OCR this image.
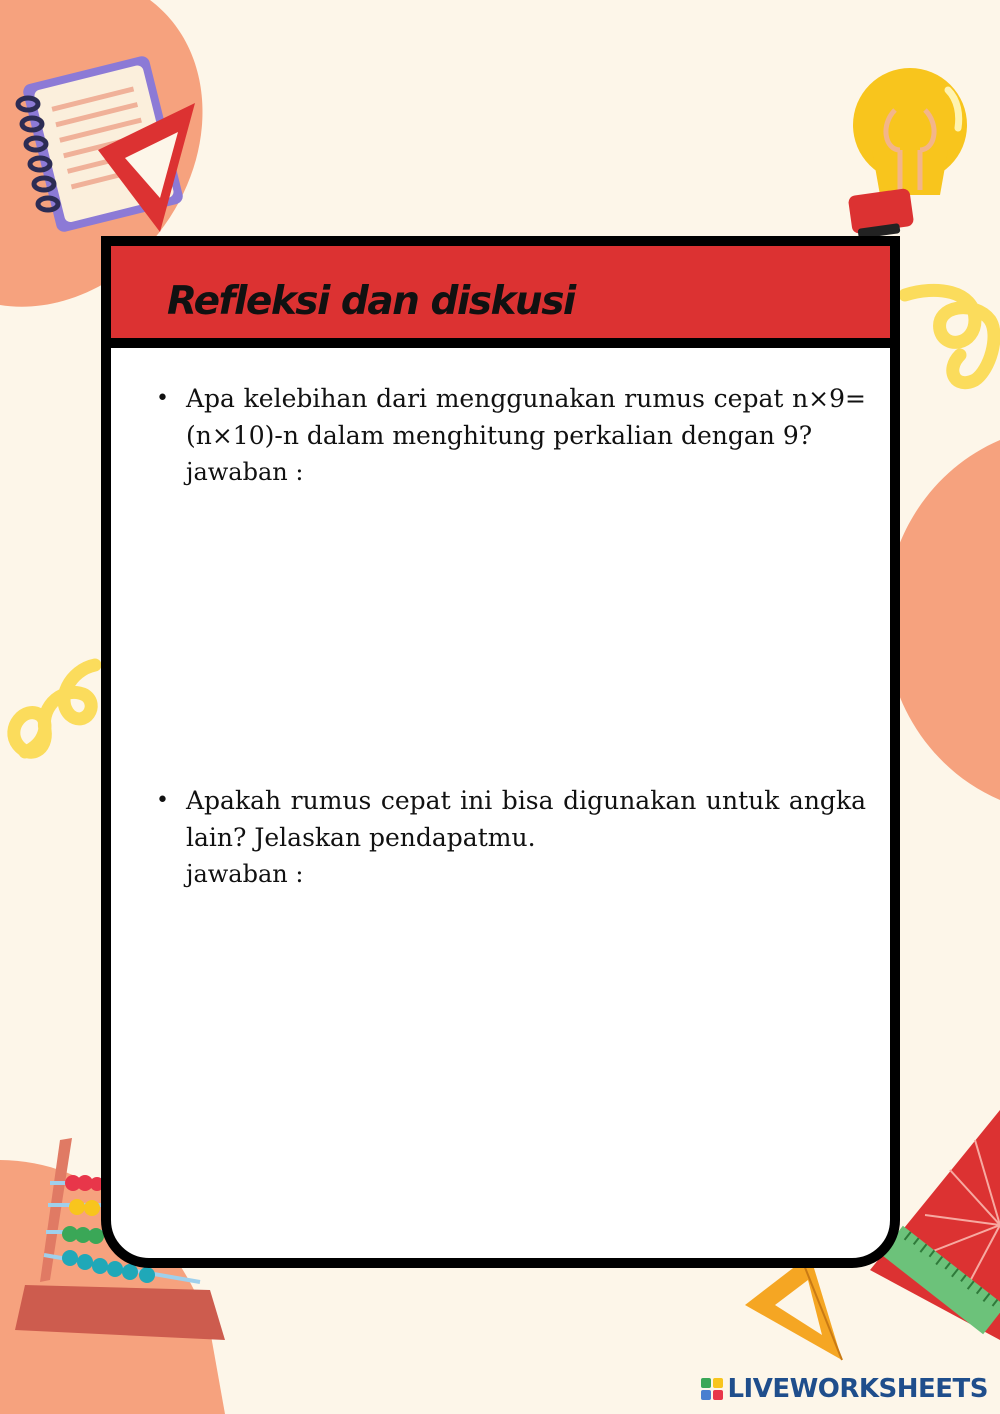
Refleksi dan diskusi
• Apa kelebihan dari menggunakan rumus cepat n×9=(n×10)-n dalam menghitung perkalian dengan 9?

jawaban :

• Apakah rumus cepat ini bisa digunakan untuk angka lain? Jelaskan pendapatmu.

jawaban :

LIVEWORKSHEETS
